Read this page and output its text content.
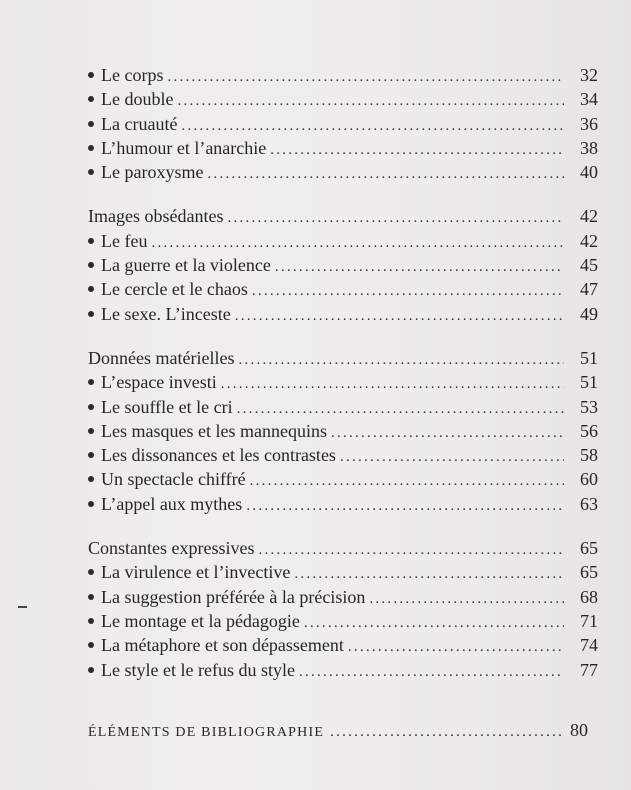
Le corps . . .	32
Le double . . .	34
La cruauté . . .	36
L’humour et l’anarchie . . .	38
Le paroxysme . . .	40
Images obsédantes . . .	42
Le feu . . .	42
La guerre et la violence . . .	45
Le cercle et le chaos . . .	47
Le sexe. L’inceste . . .	49
Données matérielles . . .	51
L’espace investi . . .	51
Le souffle et le cri . . .	53
Les masques et les mannequins . . .	56
Les dissonances et les contrastes . . .	58
Un spectacle chiffré . . .	60
L’appel aux mythes . . .	63
Constantes expressives . . .	65
La virulence et l’invective . . .	65
La suggestion préférée à la précision . . .	68
Le montage et la pédagogie . . .	71
La métaphore et son dépassement . . .	74
Le style et le refus du style . . .	77
ÉLÉMENTS DE BIBLIOGRAPHIE . . .	80
